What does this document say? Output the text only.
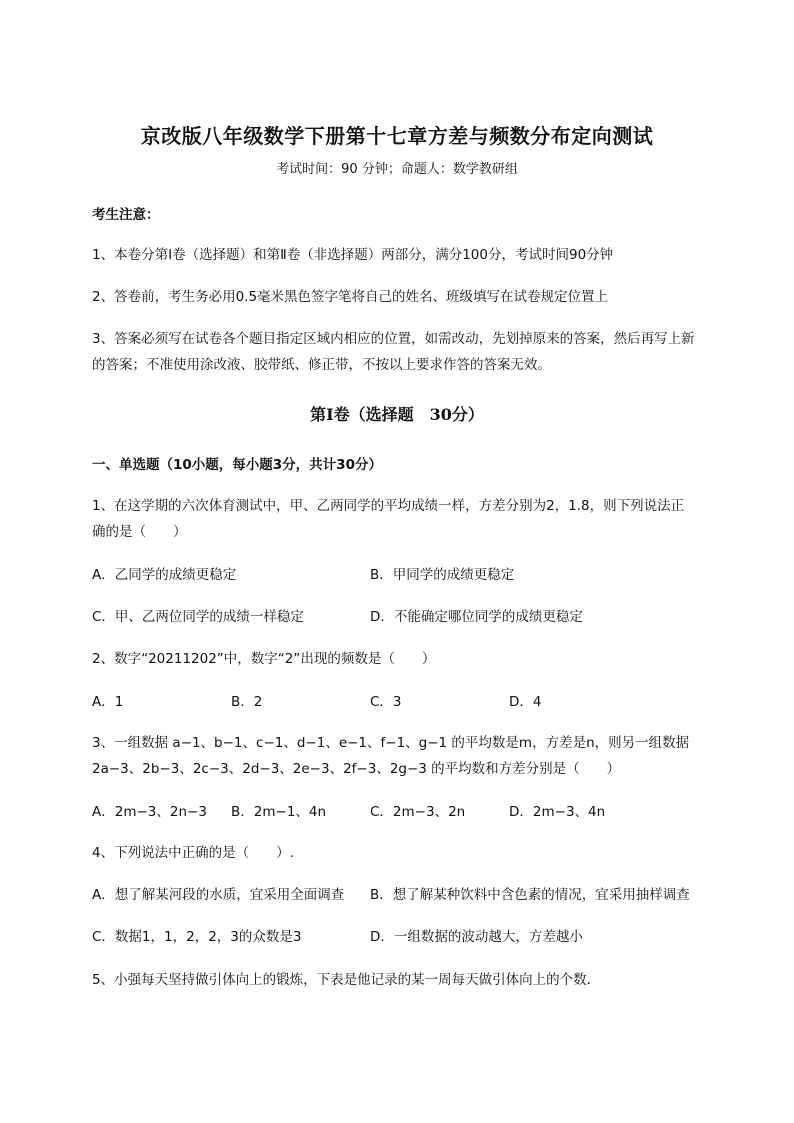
京改版八年级数学下册第十七章方差与频数分布定向测试
考试时间：90 分钟；命题人：数学教研组
考生注意：
1、本卷分第Ⅰ卷（选择题）和第Ⅱ卷（非选择题）两部分，满分100分，考试时间90分钟
2、答卷前，考生务必用0.5毫米黑色签字笔将自己的姓名、班级填写在试卷规定位置上
3、答案必须写在试卷各个题目指定区域内相应的位置，如需改动，先划掉原来的答案，然后再写上新
的答案；不准使用涂改液、胶带纸、修正带，不按以上要求作答的答案无效。
第Ⅰ卷（选择题　30分）
一、单选题（10小题，每小题3分，共计30分）
1、在这学期的六次体育测试中，甲、乙两同学的平均成绩一样，方差分别为2，1.8，则下列说法正
确的是（　　）
A．乙同学的成绩更稳定	B．甲同学的成绩更稳定
C．甲、乙两位同学的成绩一样稳定	D．不能确定哪位同学的成绩更稳定
2、数字“20211202”中，数字“2”出现的频数是（　　）
A．1	B．2	C．3	D．4
3、一组数据 a−1、b−1、c−1、d−1、e−1、f−1、g−1 的平均数是m，方差是n，则另一组数据
2a−3、2b−3、2c−3、2d−3、2e−3、2f−3、2g−3 的平均数和方差分别是（　　）
A．2m−3、2n−3 B．2m−1、4n	C．2m−3、2n	D．2m−3、4n
4、下列说法中正确的是（　　）.
A．想了解某河段的水质，宜采用全面调查 B．想了解某种饮料中含色素的情况，宜采用抽样调查
C．数据1，1，2，2，3的众数是3	D．一组数据的波动越大，方差越小
5、小强每天坚持做引体向上的锻炼，下表是他记录的某一周每天做引体向上的个数．
